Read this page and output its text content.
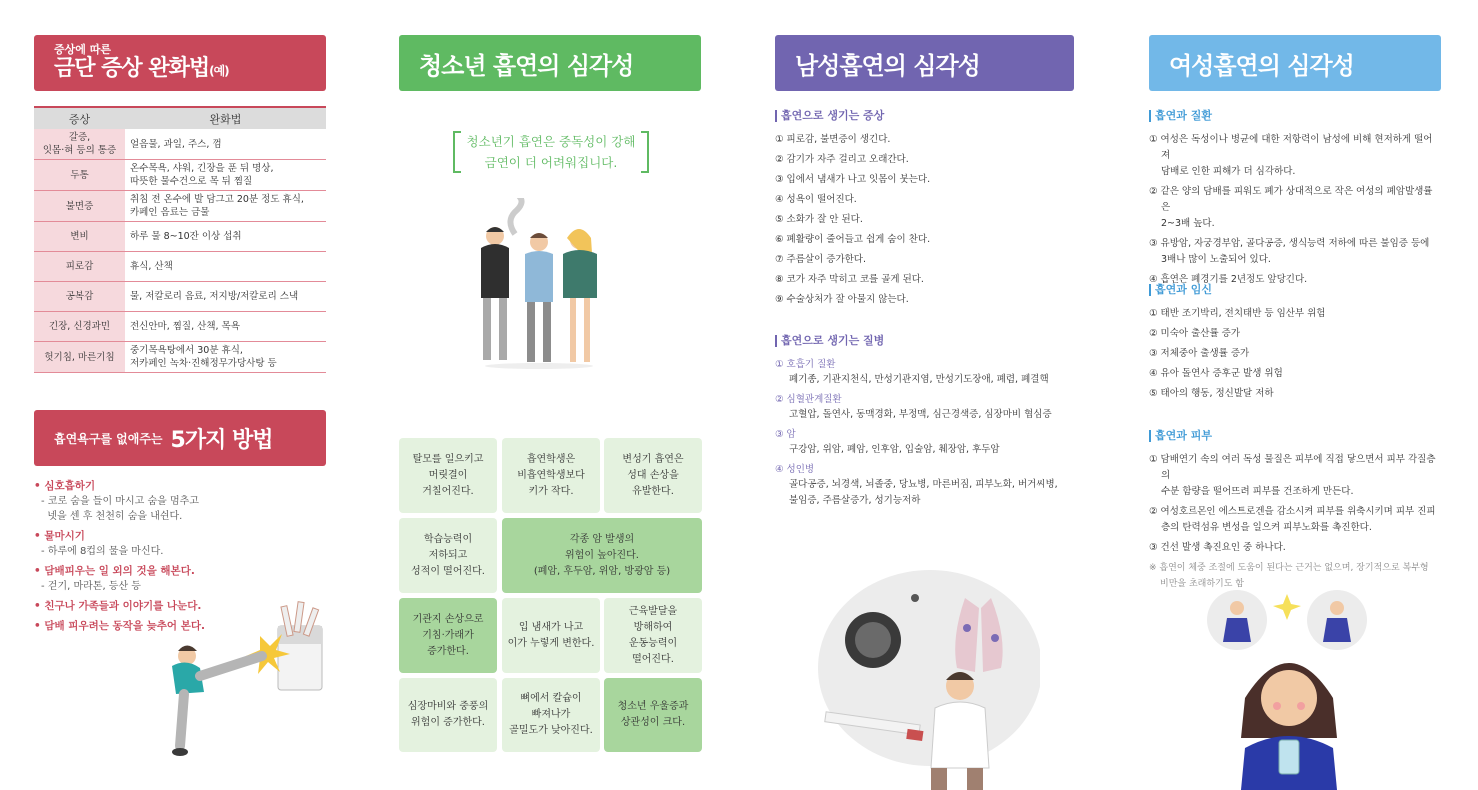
증상에 따른
금단 증상 완화법(예)
증상	완화법
갈증,
잇몸·혀 등의 통증	얼음물, 과일, 주스, 껌
두통	온수목욕, 샤워, 긴장을 푼 뒤 명상,
따뜻한 물수건으로 목 뒤 찜질
불면증	취침 전 온수에 발 담그고 20분 정도 휴식,
카페인 음료는 금물
변비	하루 물 8~10잔 이상 섭취
피로감	휴식, 산책
공복감	물, 저칼로리 음료, 저지방/저칼로리 스낵
긴장, 신경과민	전신안마, 찜질, 산책, 목욕
헛기침, 마른기침	중기목욕탕에서 30분 휴식,
저카페인 녹차·진해정무가당사탕 등
흡연욕구를 없애주는 5가지 방법
• 심호흡하기
- 코로 숨을 들이 마시고 숨을 멈추고
넷을 센 후 천천히 숨을 내쉰다.
• 물마시기
- 하루에 8컵의 물을 마신다.
• 담배피우는 일 외의 것을 해본다.
- 걷기, 마라톤, 등산 등
• 친구나 가족들과 이야기를 나눈다.
• 담배 피우려는 동작을 늦추어 본다.
청소년 흡연의 심각성
청소년기 흡연은 중독성이 강해
금연이 더 어려워집니다.
탈모를 일으키고
머릿결이
거칠어진다.
흡연학생은
비흡연학생보다
키가 작다.
변성기 흡연은
성대 손상을
유발한다.
학습능력이
저하되고
성적이 떨어진다.
각종 암 발생의
위험이 높아진다.
(폐암, 후두암, 위암, 방광암 등)
기관지 손상으로
기침·가래가
증가한다.
입 냄새가 나고
이가 누렇게 변한다.
근육발달을
방해하여
운동능력이
떨어진다.
심장마비와 중풍의
위험이 증가한다.
뼈에서 칼슘이
빠져나가
골밀도가 낮아진다.
청소년 우울증과
상관성이 크다.
남성흡연의 심각성
흡연으로 생기는 증상
① 피로감, 불면증이 생긴다.
② 감기가 자주 걸리고 오래간다.
③ 입에서 냄새가 나고 잇몸이 붓는다.
④ 성욕이 떨어진다.
⑤ 소화가 잘 안 된다.
⑥ 폐활량이 줄어들고 쉽게 숨이 찬다.
⑦ 주름살이 증가한다.
⑧ 코가 자주 막히고 코를 골게 된다.
⑨ 수술상처가 잘 아물지 않는다.
흡연으로 생기는 질병
① 호흡기 질환
폐기종, 기관지천식, 만성기관지염, 만성기도장애, 폐렴, 폐결핵
② 심혈관계질환
고혈압, 돌연사, 동맥경화, 부정맥, 심근경색증, 심장마비 협심증
③ 암
구강암, 위암, 폐암, 인후암, 입술암, 췌장암, 후두암
④ 성인병
골다공증, 뇌경색, 뇌졸중, 당뇨병, 마른버짐, 피부노화, 버거씨병,
불임증, 주름살증가, 성기능저하
여성흡연의 심각성
흡연과 질환
① 여성은 독성이나 병균에 대한 저항력이 남성에 비해 현저하게 떨어져
담배로 인한 피해가 더 심각하다.
② 같은 양의 담배를 피워도 폐가 상대적으로 작은 여성의 폐암발생률은
2~3배 높다.
③ 유방암, 자궁경부암, 골다공증, 생식능력 저하에 따른 불임증 등에
3배나 많이 노출되어 있다.
④ 흡연은 폐경기를 2년정도 앞당긴다.
흡연과 임신
① 태반 조기박리, 전치태반 등 임산부 위험
② 미숙아 출산률 증가
③ 저체중아 출생률 증가
④ 유아 돌연사 증후군 발생 위험
⑤ 태아의 행동, 정신발달 저하
흡연과 피부
① 담배연기 속의 여러 독성 물질은 피부에 직접 닿으면서 피부 각질층의
수분 함량을 떨어뜨려 피부를 건조하게 만든다.
② 여성호르몬인 에스트로겐을 감소시켜 피부를 위축시키며 피부 진피
층의 탄력섬유 변성을 일으켜 피부노화를 촉진한다.
③ 건선 발생 촉진요인 중 하나다.
※ 흡연이 체중 조절에 도움이 된다는 근거는 없으며, 장기적으로 복부형
비만을 초래하기도 함
